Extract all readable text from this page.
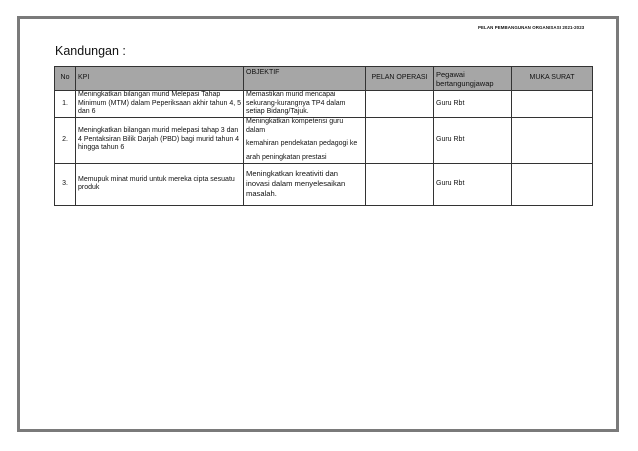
PELAN PEMBANGUNAN ORGANISASI 2021-2023
Kandungan :
No	KPI	OBJEKTIF	PELAN OPERASI	Pegawai bertangungjawap	MUKA SURAT
1.	Meningkatkan bilangan murid Melepasi Tahap Minimum (MTM) dalam Peperiksaan akhir tahun 4, 5 dan 6	Memastikan murid mencapai sekurang-kurangnya TP4 dalam setiap Bidang/Tajuk.		Guru Rbt	
2.	Meningkatkan bilangan murid melepasi tahap 3 dan 4 Pentaksiran Bilik Darjah (PBD) bagi murid tahun 4 hingga tahun 6	Meningkatkan kompetensi guru dalam
kemahiran pendekatan pedagogi ke
arah peningkatan prestasi		Guru Rbt	
3.	Memupuk minat murid untuk mereka cipta sesuatu produk	Meningkatkan kreativiti dan inovasi dalam menyelesaikan masalah.		Guru Rbt	
